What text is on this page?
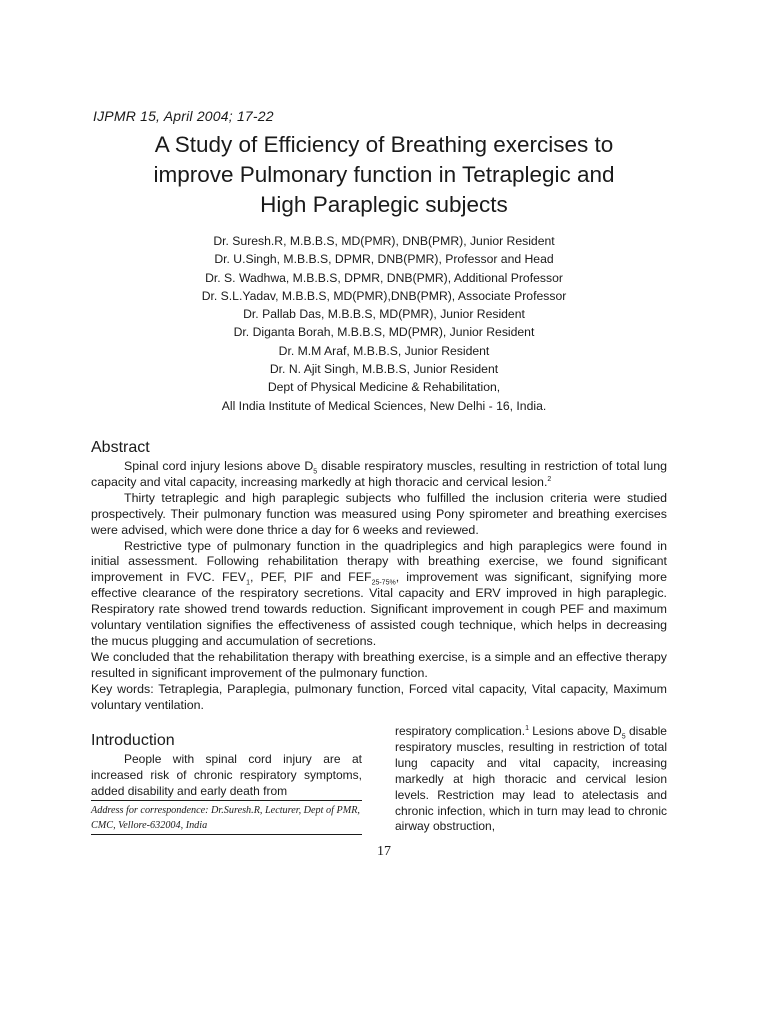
IJPMR 15, April 2004; 17-22
A Study of Efficiency of Breathing exercises to
improve Pulmonary function in Tetraplegic and
High Paraplegic subjects
Dr. Suresh.R, M.B.B.S, MD(PMR), DNB(PMR), Junior Resident
Dr. U.Singh, M.B.B.S, DPMR, DNB(PMR), Professor and Head
Dr. S. Wadhwa, M.B.B.S, DPMR, DNB(PMR), Additional Professor
Dr. S.L.Yadav, M.B.B.S, MD(PMR),DNB(PMR), Associate Professor
Dr. Pallab Das, M.B.B.S, MD(PMR), Junior Resident
Dr. Diganta Borah, M.B.B.S, MD(PMR), Junior Resident
Dr. M.M Araf, M.B.B.S, Junior Resident
Dr. N. Ajit Singh, M.B.B.S, Junior Resident
Dept of Physical Medicine & Rehabilitation,
All India Institute of Medical Sciences, New Delhi - 16, India.
Abstract

Spinal cord injury lesions above $D_5$ disable respiratory muscles, resulting in restriction of total lung capacity and vital capacity, increasing markedly at high thoracic and cervical lesion.$^2$

Thirty tetraplegic and high paraplegic subjects who fulfilled the inclusion criteria were studied prospectively. Their pulmonary function was measured using Pony spirometer and breathing exercises were advised, which were done thrice a day for 6 weeks and reviewed.

Restrictive type of pulmonary function in the quadriplegics and high paraplegics were found in initial assessment. Following rehabilitation therapy with breathing exercise, we found significant improvement in FVC. $FEV_1$, PEF, PIF and $FEF_{25-75\%}$, improvement was significant, signifying more effective clearance of the respiratory secretions. Vital capacity and ERV improved in high paraplegic. Respiratory rate showed trend towards reduction. Significant improvement in cough PEF and maximum voluntary ventilation signifies the effectiveness of assisted cough technique, which helps in decreasing the mucus plugging and accumulation of secretions.

We concluded that the rehabilitation therapy with breathing exercise, is a simple and an effective therapy resulted in significant improvement of the pulmonary function.

Key words: Tetraplegia, Paraplegia, pulmonary function, Forced vital capacity, Vital capacity, Maximum voluntary ventilation.

Introduction

People with spinal cord injury are at increased risk of chronic respiratory symptoms, added disability and early death from

Address for correspondence: Dr.Suresh.R, Lecturer, Dept of PMR, CMC, Vellore-632004, India

respiratory complication.$^1$ Lesions above $D_5$ disable respiratory muscles, resulting in restriction of total lung capacity and vital capacity, increasing markedly at high thoracic and cervical lesion levels. Restriction may lead to atelectasis and chronic infection, which in turn may lead to chronic airway obstruction,

17
